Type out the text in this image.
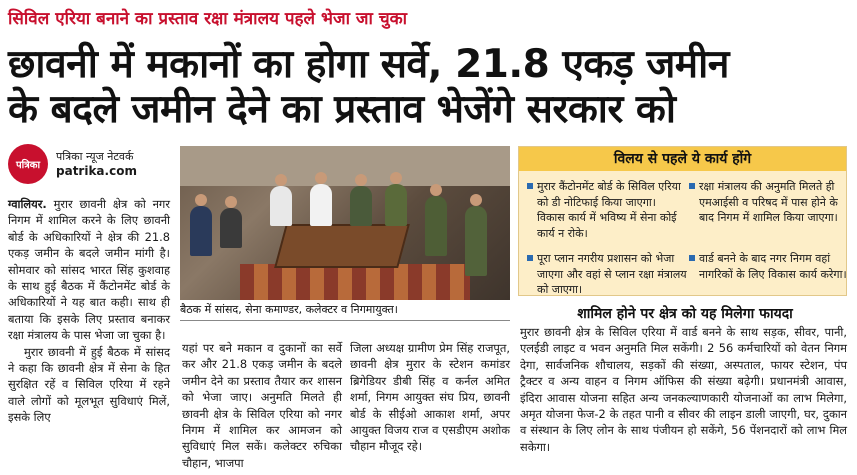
सिविल एरिया बनाने का प्रस्ताव रक्षा मंत्रालय पहले भेजा जा चुका
छावनी में मकानों का होगा सर्वे, 21.8 एकड़ जमीन
के बदले जमीन देने का प्रस्ताव भेजेंगे सरकार को
पत्रिका
पत्रिका न्यूज नेटवर्क
patrika.com
ग्वालियर. मुरार छावनी क्षेत्र को नगर निगम में शामिल करने के लिए छावनी बोर्ड के अधिकारियों ने क्षेत्र की 21.8 एकड़ जमीन के बदले जमीन मांगी है। सोमवार को सांसद भारत सिंह कुशवाह के साथ हुई बैठक में कैंटोनमेंट बोर्ड के अधिकारियों ने यह बात कही। साथ ही बताया कि इसके लिए प्रस्ताव बनाकर रक्षा मंत्रालय के पास भेजा जा चुका है।
मुरार छावनी में हुई बैठक में सांसद ने कहा कि छावनी क्षेत्र में सेना के हित सुरक्षित रहें व सिविल एरिया में रहने वाले लोगों को मूलभूत सुविधाएं मिलें, इसके लिए
बैठक में सांसद, सेना कमाण्डर, कलेक्टर व निगमायुक्त।
यहां पर बने मकान व दुकानों का सर्वे कर और 21.8 एकड़ जमीन के बदले जमीन देने का प्रस्ताव तैयार कर शासन को भेजा जाए। अनुमति मिलते ही छावनी क्षेत्र के सिविल एरिया को नगर निगम में शामिल कर आमजन को सुविधाएं मिल सकें। कलेक्टर रुचिका चौहान, भाजपा
जिला अध्यक्ष ग्रामीण प्रेम सिंह राजपूत, छावनी क्षेत्र मुरार के स्टेशन कमांडर ब्रिगेडियर डीबी सिंह व कर्नल अमित शर्मा, निगम आयुक्त संघ प्रिय, छावनी बोर्ड के सीईओ आकाश शर्मा, अपर आयुक्त विजय राज व एसडीएम अशोक चौहान मौजूद रहे।
विलय से पहले ये कार्य होंगे
मुरार कैंटोनमेंट बोर्ड के सिविल एरिया को डी नोटिफाई किया जाएगा। विकास कार्य में भविष्य में सेना कोई कार्य न रोके।
रक्षा मंत्रालय की अनुमति मिलते ही एमआईसी व परिषद में पास होने के बाद निगम में शामिल किया जाएगा।
पूरा प्लान नगरीय प्रशासन को भेजा जाएगा और वहां से प्लान रक्षा मंत्रालय को जाएगा।
वार्ड बनने के बाद नगर निगम वहां नागरिकों के लिए विकास कार्य करेगा।
शामिल होने पर क्षेत्र को यह मिलेगा फायदा
मुरार छावनी क्षेत्र के सिविल एरिया में वार्ड बनने के साथ सड़क, सीवर, पानी, एलईडी लाइट व भवन अनुमति मिल सकेंगी। 2 56 कर्मचारियों को वेतन निगम देगा, सार्वजनिक शौचालय, सड़कों की संख्या, अस्पताल, फायर स्टेशन, पंप ट्रैक्टर व अन्य वाहन व निगम ऑफिस की संख्या बढ़ेगी। प्रधानमंत्री आवास, इंदिरा आवास योजना सहित अन्य जनकल्याणकारी योजनाओं का लाभ मिलेगा, अमृत योजना फेज-2 के तहत पानी व सीवर की लाइन डाली जाएगी, घर, दुकान व संस्थान के लिए लोन के साथ पंजीयन हो सकेंगे, 56 पेंशनदारों को लाभ मिल सकेगा।
